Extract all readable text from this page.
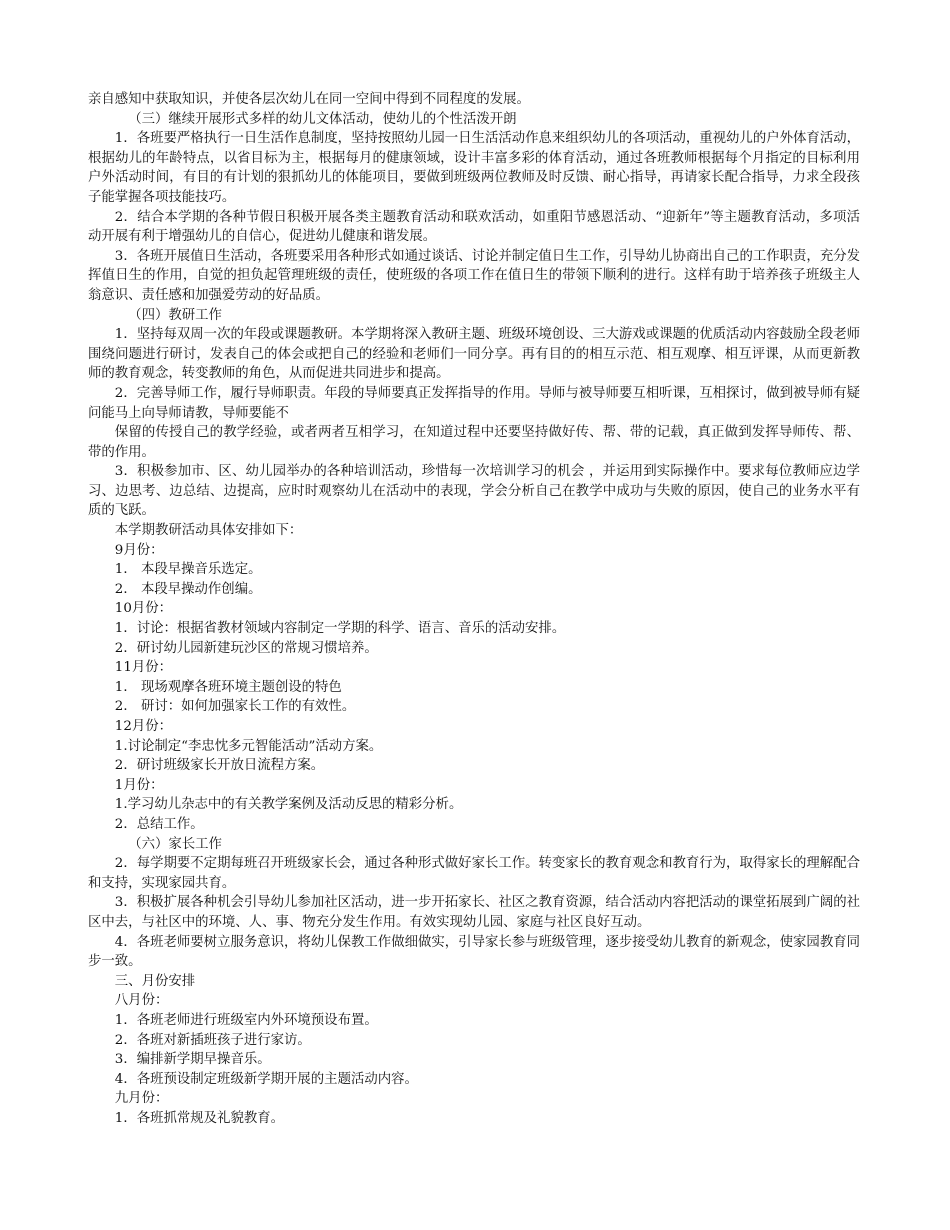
亲自感知中获取知识，并使各层次幼儿在同一空间中得到不同程度的发展。

（三）继续开展形式多样的幼儿文体活动，使幼儿的个性活泼开朗

1．各班要严格执行一日生活作息制度，坚持按照幼儿园一日生活活动作息来组织幼儿的各项活动，重视幼儿的户外体育活动，根据幼儿的年龄特点，以省目标为主，根据每月的健康领域，设计丰富多彩的体育活动，通过各班教师根据每个月指定的目标利用户外活动时间，有目的有计划的狠抓幼儿的体能项目，要做到班级两位教师及时反馈、耐心指导，再请家长配合指导，力求全段孩子能掌握各项技能技巧。

2．结合本学期的各种节假日积极开展各类主题教育活动和联欢活动，如重阳节感恩活动、“迎新年”等主题教育活动，多项活动开展有利于增强幼儿的自信心，促进幼儿健康和谐发展。

3．各班开展值日生活动，各班要采用各种形式如通过谈话、讨论并制定值日生工作，引导幼儿协商出自己的工作职责，充分发挥值日生的作用，自觉的担负起管理班级的责任，使班级的各项工作在值日生的带领下顺利的进行。这样有助于培养孩子班级主人翁意识、责任感和加强爱劳动的好品质。

（四）教研工作

1．坚持每双周一次的年段或课题教研。本学期将深入教研主题、班级环境创设、三大游戏或课题的优质活动内容鼓励全段老师围绕问题进行研讨，发表自己的体会或把自己的经验和老师们一同分享。再有目的的相互示范、相互观摩、相互评课，从而更新教师的教育观念，转变教师的角色，从而促进共同进步和提高。

2．完善导师工作，履行导师职责。年段的导师要真正发挥指导的作用。导师与被导师要互相听课，互相探讨，做到被导师有疑问能马上向导师请教，导师要能不

保留的传授自己的教学经验，或者两者互相学习，在知道过程中还要坚持做好传、帮、带的记载，真正做到发挥导师传、帮、带的作用。

3．积极参加市、区、幼儿园举办的各种培训活动，珍惜每一次培训学习的机会 ，并运用到实际操作中。要求每位教师应边学习、边思考、边总结、边提高，应时时观察幼儿在活动中的表现，学会分析自己在教学中成功与失败的原因，使自己的业务水平有质的飞跃。

本学期教研活动具体安排如下：

9月份：

1． 本段早操音乐选定。

2． 本段早操动作创编。

10月份：

1．讨论：根据省教材领域内容制定一学期的科学、语言、音乐的活动安排。

2．研讨幼儿园新建玩沙区的常规习惯培养。

11月份：

1． 现场观摩各班环境主题创设的特色

2． 研讨：如何加强家长工作的有效性。

12月份：

1.讨论制定“李忠忱多元智能活动”活动方案。

2．研讨班级家长开放日流程方案。

1月份：

1.学习幼儿杂志中的有关教学案例及活动反思的精彩分析。

2．总结工作。

（六）家长工作

2．每学期要不定期每班召开班级家长会，通过各种形式做好家长工作。转变家长的教育观念和教育行为，取得家长的理解配合和支持，实现家园共育。

3．积极扩展各种机会引导幼儿参加社区活动，进一步开拓家长、社区之教育资源，结合活动内容把活动的课堂拓展到广阔的社区中去，与社区中的环境、人、事、物充分发生作用。有效实现幼儿园、家庭与社区良好互动。

4．各班老师要树立服务意识，将幼儿保教工作做细做实，引导家长参与班级管理，逐步接受幼儿教育的新观念，使家园教育同步一致。

三、月份安排

八月份：

1．各班老师进行班级室内外环境预设布置。

2．各班对新插班孩子进行家访。

3．编排新学期早操音乐。

4．各班预设制定班级新学期开展的主题活动内容。

九月份：

1．各班抓常规及礼貌教育。
